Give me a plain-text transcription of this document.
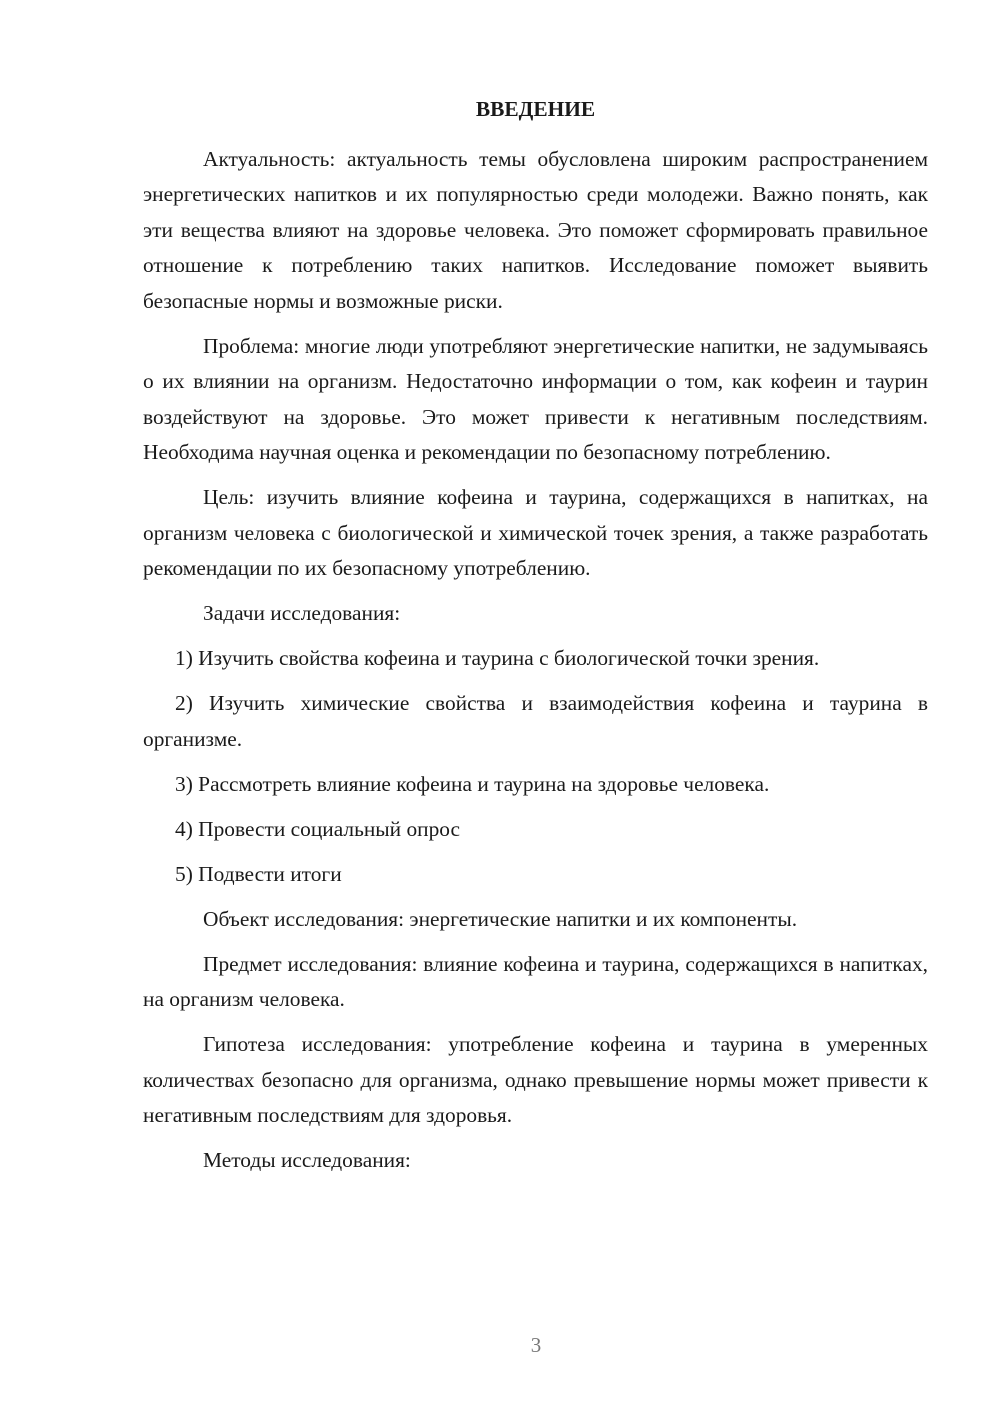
ВВЕДЕНИЕ

Актуальность: актуальность темы обусловлена широким распространением энергетических напитков и их популярностью среди молодежи. Важно понять, как эти вещества влияют на здоровье человека. Это поможет сформировать правильное отношение к потреблению таких напитков. Исследование поможет выявить безопасные нормы и возможные риски.

Проблема: многие люди употребляют энергетические напитки, не задумываясь о их влиянии на организм. Недостаточно информации о том, как кофеин и таурин воздействуют на здоровье. Это может привести к негативным последствиям. Необходима научная оценка и рекомендации по безопасному потреблению.

Цель: изучить влияние кофеина и таурина, содержащихся в напитках, на организм человека с биологической и химической точек зрения, а также разработать рекомендации по их безопасному употреблению.

Задачи исследования:

1) Изучить свойства кофеина и таурина с биологической точки зрения.

2) Изучить химические свойства и взаимодействия кофеина и таурина в организме.

3) Рассмотреть влияние кофеина и таурина на здоровье человека.

4) Провести социальный опрос

5) Подвести итоги

Объект исследования: энергетические напитки и их компоненты.

Предмет исследования: влияние кофеина и таурина, содержащихся в напитках, на организм человека.

Гипотеза исследования: употребление кофеина и таурина в умеренных количествах безопасно для организма, однако превышение нормы может привести к негативным последствиям для здоровья.

Методы исследования:

3
